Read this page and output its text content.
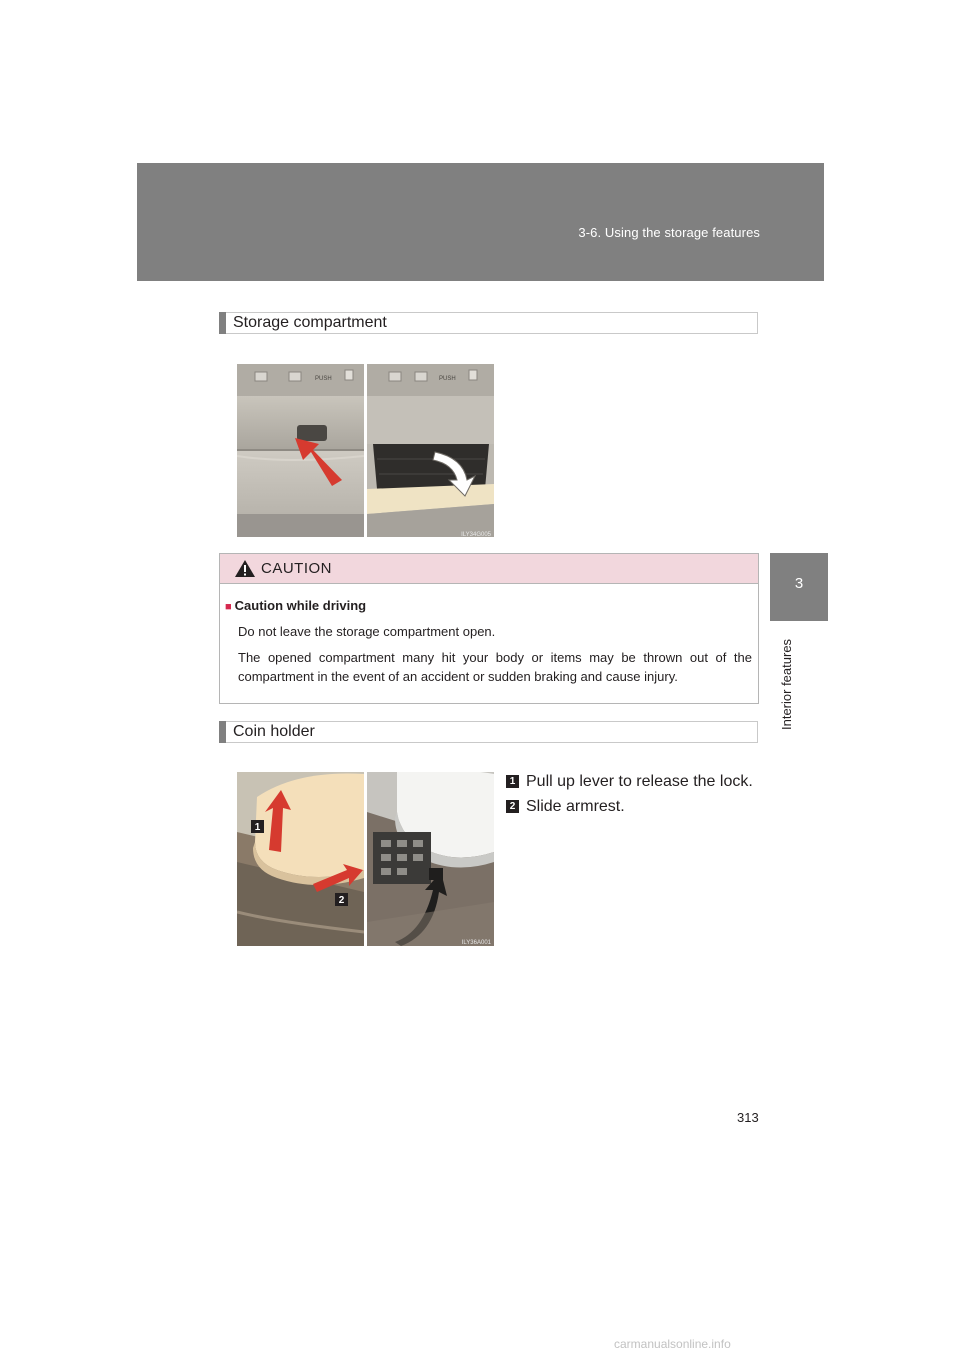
3-6. Using the storage features
3
Interior features
Storage compartment
PUSH	PUSH
ILY34G005
CAUTION
■ Caution while driving
Do not leave the storage compartment open.
The opened compartment many hit your body or items may be thrown out of the compartment in the event of an accident or sudden braking and cause injury.
Coin holder
1
2
ILY36A001
1 Pull up lever to release the lock.
2 Slide armrest.
313
carmanualsonline.info
